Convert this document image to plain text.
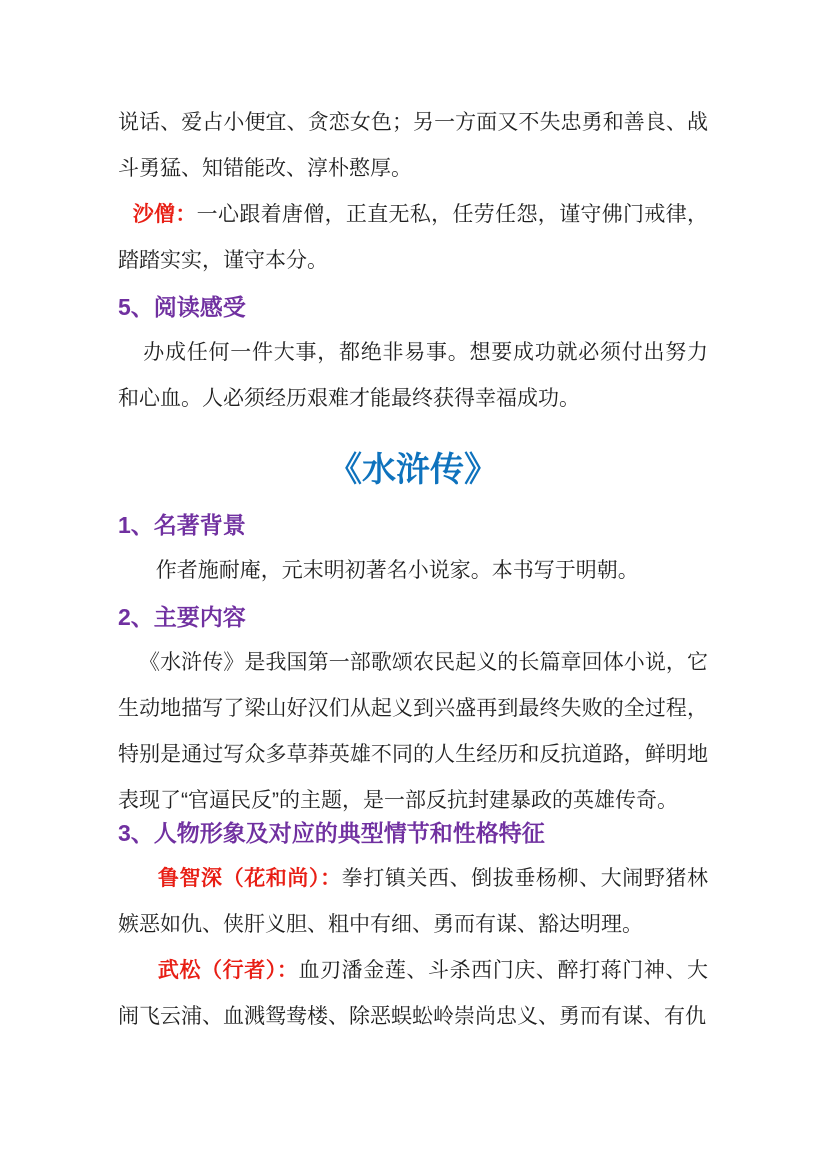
说话、爱占小便宜、贪恋女色；另一方面又不失忠勇和善良、战斗勇猛、知错能改、淳朴憨厚。

沙僧：一心跟着唐僧，正直无私，任劳任怨，谨守佛门戒律，踏踏实实，谨守本分。

5、阅读感受

办成任何一件大事，都绝非易事。想要成功就必须付出努力和心血。人必须经历艰难才能最终获得幸福成功。

《水浒传》
1、名著背景

作者施耐庵，元末明初著名小说家。本书写于明朝。

2、主要内容

《水浒传》是我国第一部歌颂农民起义的长篇章回体小说，它生动地描写了梁山好汉们从起义到兴盛再到最终失败的全过程，特别是通过写众多草莽英雄不同的人生经历和反抗道路，鲜明地表现了“官逼民反”的主题，是一部反抗封建暴政的英雄传奇。

3、人物形象及对应的典型情节和性格特征

鲁智深（花和尚）：拳打镇关西、倒拔垂杨柳、大闹野猪林嫉恶如仇、侠肝义胆、粗中有细、勇而有谋、豁达明理。

武松（行者）：血刃潘金莲、斗杀西门庆、醉打蒋门神、大闹飞云浦、血溅鸳鸯楼、除恶蜈蚣岭崇尚忠义、勇而有谋、有仇
